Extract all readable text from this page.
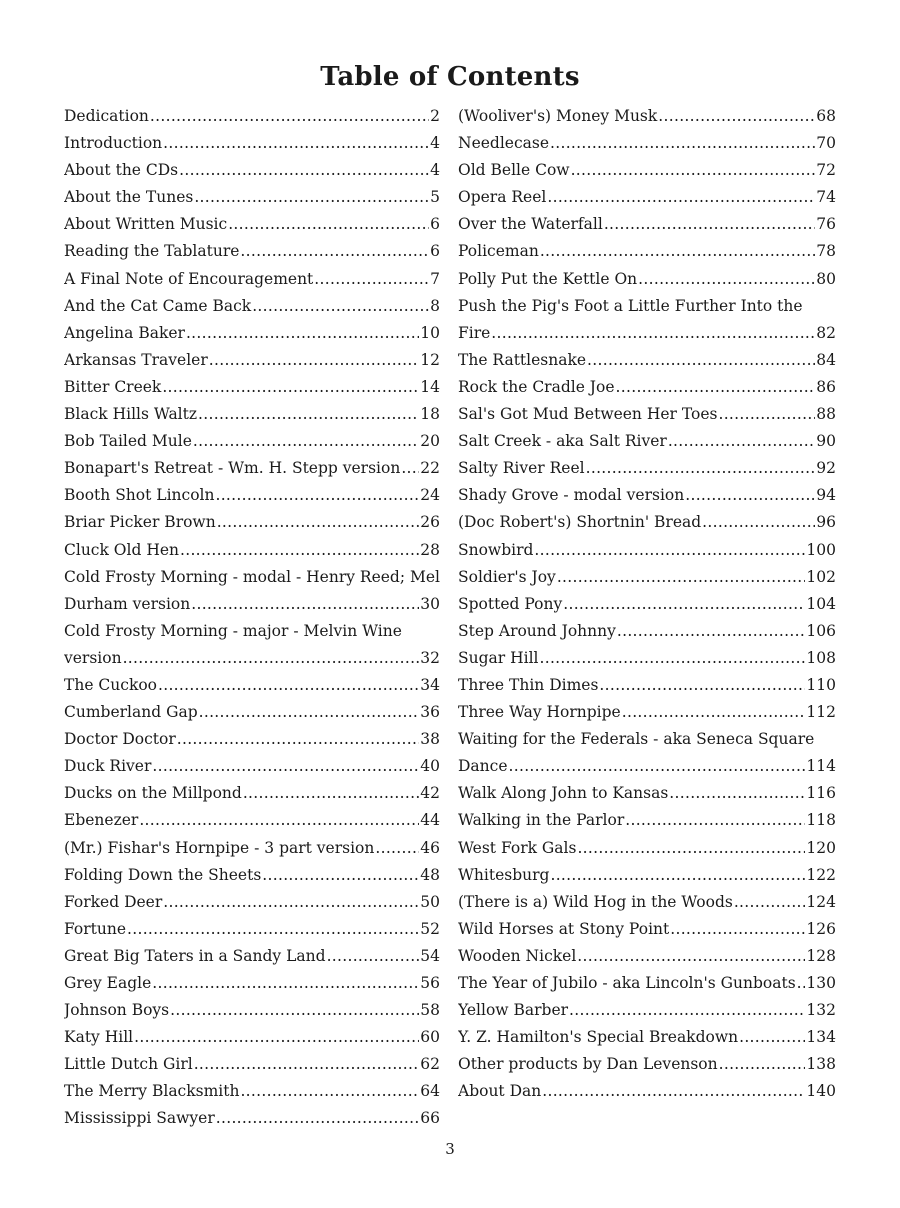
Table of Contents
Dedication .....	2
Introduction .....	4
About the CDs .....	4
About the Tunes .....	5
About Written Music .....	6
Reading the Tablature .....	6
A Final Note of Encouragement .....	7
And the Cat Came Back .....	8
Angelina Baker .....	10
Arkansas Traveler .....	12
Bitter Creek .....	14
Black Hills Waltz .....	18
Bob Tailed Mule .....	20
Bonapart's Retreat - Wm. H. Stepp version ..... 22
Booth Shot Lincoln .....	24
Briar Picker Brown .....	26
Cluck Old Hen .....	28
Cold Frosty Morning - modal - Henry Reed; Mel
Durham version .....	30
Cold Frosty Morning - major - Melvin Wine
version .....	32
The Cuckoo .....	34
Cumberland Gap .....	36
Doctor Doctor .....	38
Duck River .....	40
Ducks on the Millpond .....	42
Ebenezer .....	44
(Mr.) Fishar's Hornpipe - 3 part version .....	46
Folding Down the Sheets .....	48
Forked Deer .....	50
Fortune .....	52
Great Big Taters in a Sandy Land .....	54
Grey Eagle .....	56
Johnson Boys .....	58
Katy Hill .....	60
Little Dutch Girl .....	62
The Merry Blacksmith .....	64
Mississippi Sawyer .....	66
(Wooliver's) Money Musk .....	68
Needlecase .....	70
Old Belle Cow .....	72
Opera Reel .....	74
Over the Waterfall .....	76
Policeman .....	78
Polly Put the Kettle On .....	80
Push the Pig's Foot a Little Further Into the
Fire .....	82
The Rattlesnake .....	84
Rock the Cradle Joe .....	86
Sal's Got Mud Between Her Toes .....	88
Salt Creek - aka Salt River .....	90
Salty River Reel .....	92
Shady Grove - modal version .....	94
(Doc Robert's) Shortnin' Bread .....	96
Snowbird .....	100
Soldier's Joy .....	102
Spotted Pony .....	104
Step Around Johnny .....	106
Sugar Hill .....	108
Three Thin Dimes .....	110
Three Way Hornpipe .....	112
Waiting for the Federals - aka Seneca Square
Dance .....	114
Walk Along John to Kansas .....	116
Walking in the Parlor .....	118
West Fork Gals .....	120
Whitesburg .....	122
(There is a) Wild Hog in the Woods .....	124
Wild Horses at Stony Point .....	126
Wooden Nickel .....	128
The Year of Jubilo - aka Lincoln's Gunboats ..... 130
Yellow Barber .....	132
Y. Z. Hamilton's Special Breakdown .....	134
Other products by Dan Levenson .....	138
About Dan .....	140
3
